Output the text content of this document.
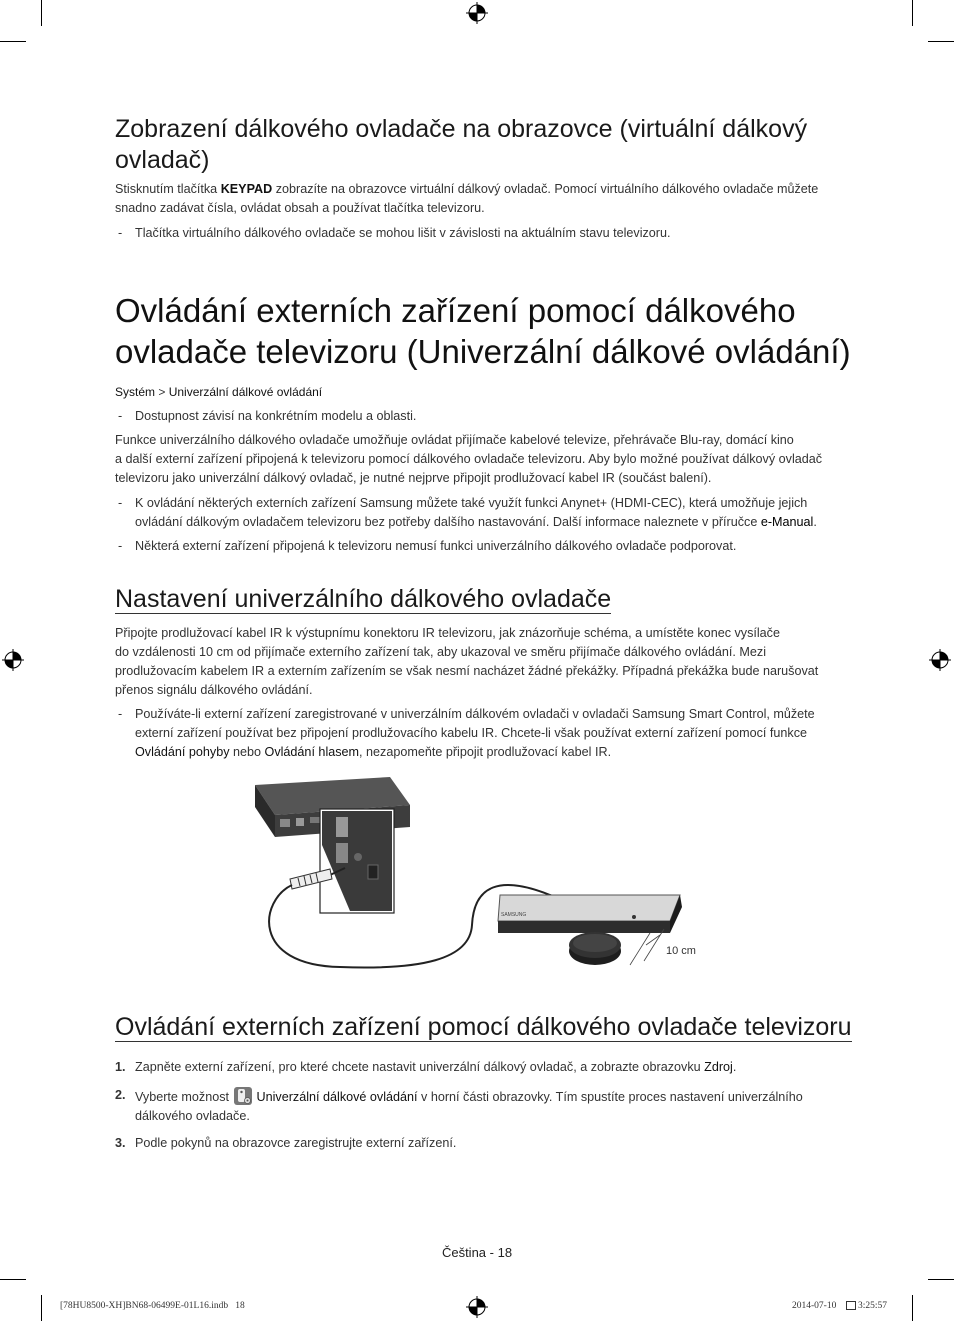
Zobrazení dálkového ovladače na obrazovce (virtuální dálkový
ovladač)

Stisknutím tlačítka KEYPAD zobrazíte na obrazovce virtuální dálkový ovladač. Pomocí virtuálního dálkového ovladače můžete
snadno zadávat čísla, ovládat obsah a používat tlačítka televizoru.

- Tlačítka virtuálního dálkového ovladače se mohou lišit v závislosti na aktuálním stavu televizoru.

Ovládání externích zařízení pomocí dálkového
ovladače televizoru (Univerzální dálkové ovládání)

Systém > Univerzální dálkové ovládání

- Dostupnost závisí na konkrétním modelu a oblasti.

Funkce univerzálního dálkového ovladače umožňuje ovládat přijímače kabelové televize, přehrávače Blu-ray, domácí kino
a další externí zařízení připojená k televizoru pomocí dálkového ovladače televizoru. Aby bylo možné používat dálkový ovladač
televizoru jako univerzální dálkový ovladač, je nutné nejprve připojit prodlužovací kabel IR (součást balení).

- K ovládání některých externích zařízení Samsung můžete také využít funkci Anynet+ (HDMI-CEC), která umožňuje jejich
ovládání dálkovým ovladačem televizoru bez potřeby dalšího nastavování. Další informace naleznete v příručce e-Manual.

- Některá externí zařízení připojená k televizoru nemusí funkci univerzálního dálkového ovladače podporovat.

Nastavení univerzálního dálkového ovladače

Připojte prodlužovací kabel IR k výstupnímu konektoru IR televizoru, jak znázorňuje schéma, a umístěte konec vysílače
do vzdálenosti 10 cm od přijímače externího zařízení tak, aby ukazoval ve směru přijímače dálkového ovládání. Mezi
prodlužovacím kabelem IR a externím zařízením se však nesmí nacházet žádné překážky. Případná překážka bude narušovat
přenos signálu dálkového ovládání.

- Používáte-li externí zařízení zaregistrované v univerzálním dálkovém ovladači v ovladači Samsung Smart Control, můžete
externí zařízení používat bez připojení prodlužovacího kabelu IR. Chcete-li však používat externí zařízení pomocí funkce
Ovládání pohyby nebo Ovládání hlasem, nezapomeňte připojit prodlužovací kabel IR.

SAMSUNG
10 cm
Ovládání externích zařízení pomocí dálkového ovladače televizoru
1. Zapněte externí zařízení, pro které chcete nastavit univerzální dálkový ovladač, a zobrazte obrazovku Zdroj.

2. Vyberte možnost Univerzální dálkové ovládání v horní části obrazovky. Tím spustíte proces nastavení univerzálního
dálkového ovladače.

3. Podle pokynů na obrazovce zaregistrujte externí zařízení.

Čeština - 18
[78HU8500-XH]BN68-06499E-01L16.indb   18	2014-07-10 3:25:57
